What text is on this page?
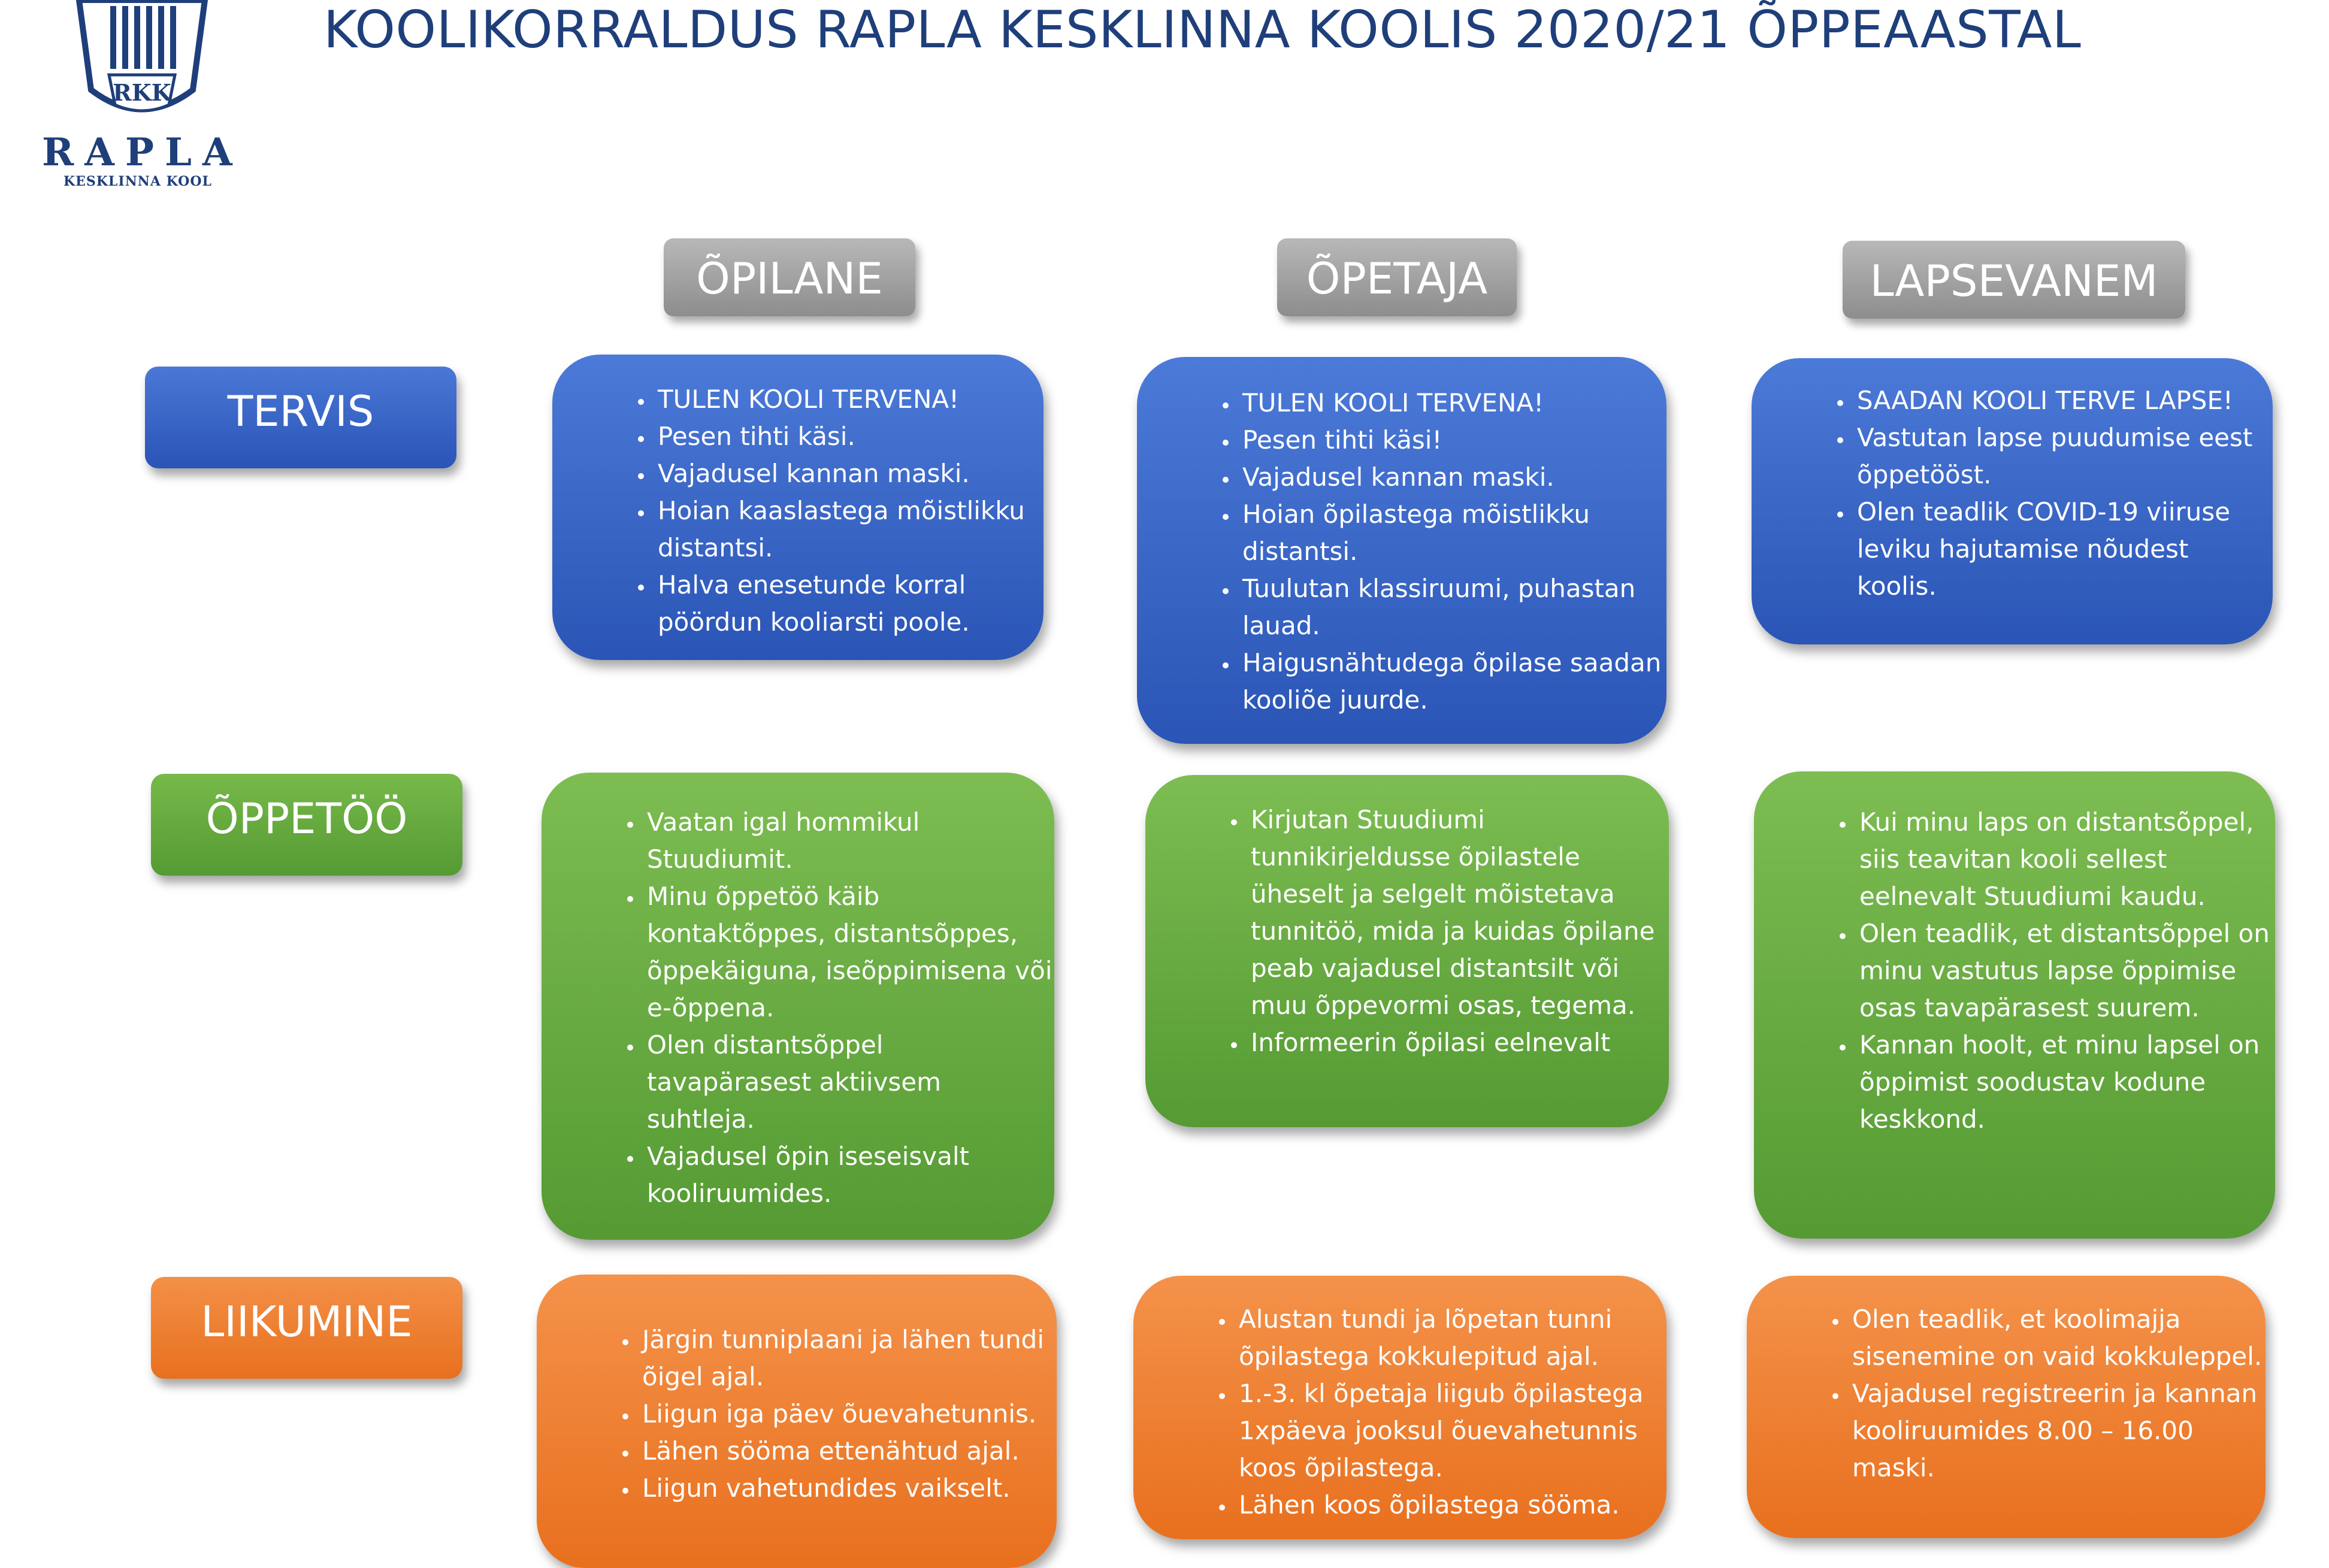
KOOLIKORRALDUS RAPLA KESKLINNA KOOLIS 2020/21 ÕPPEAASTAL
RKK
RAPLA
KESKLINNA KOOL
ÕPILANE	ÕPETAJA	LAPSEVANEM
TERVIS
ÕPPETÖÖ
LIIKUMINE
• TULEN KOOLI TERVENA!
• Pesen tihti käsi.
• Vajadusel kannan maski.
• Hoian kaaslastega mõistlikku distantsi.
• Halva enesetunde korral pöördun kooliarsti poole.
• TULEN KOOLI TERVENA!
• Pesen tihti käsi!
• Vajadusel kannan maski.
• Hoian õpilastega mõistlikku distantsi.
• Tuulutan klassiruumi, puhastan lauad.
• Haigusnähtudega õpilase saadan kooliõe juurde.
• SAADAN KOOLI TERVE LAPSE!
• Vastutan lapse puudumise eest õppetööst.
• Olen teadlik COVID-19 viiruse leviku hajutamise nõudest koolis.
• Vaatan igal hommikul Stuudiumit.
• Minu õppetöö käib kontaktõppes, distantsõppes, õppekäiguna, iseõppimisena või e-õppena.
• Olen distantsõppel tavapärasest aktiivsem suhtleja.
• Vajadusel õpin iseseisvalt kooliruumides.
• Kirjutan Stuudiumi tunnikirjeldusse õpilastele üheselt ja selgelt mõistetava tunnitöö, mida ja kuidas õpilane peab vajadusel distantsilt või muu õppevormi osas, tegema.
• Informeerin õpilasi eelnevalt
• Kui minu laps on distantsõppel, siis teavitan kooli sellest eelnevalt Stuudiumi kaudu.
• Olen teadlik, et distantsõppel on minu vastutus lapse õppimise osas tavapärasest suurem.
• Kannan hoolt, et minu lapsel on õppimist soodustav kodune keskkond.
• Järgin tunniplaani ja lähen tundi õigel ajal.
• Liigun iga päev õuevahetunnis.
• Lähen sööma ettenähtud ajal.
• Liigun vahetundides vaikselt.
• Alustan tundi ja lõpetan tunni õpilastega kokkulepitud ajal.
• 1.-3. kl õpetaja liigub õpilastega 1xpäeva jooksul õuevahetunnis koos õpilastega.
• Lähen koos õpilastega sööma.
• Olen teadlik, et koolimajja sisenemine on vaid kokkuleppel.
• Vajadusel registreerin ja kannan kooliruumides 8.00 – 16.00 maski.
